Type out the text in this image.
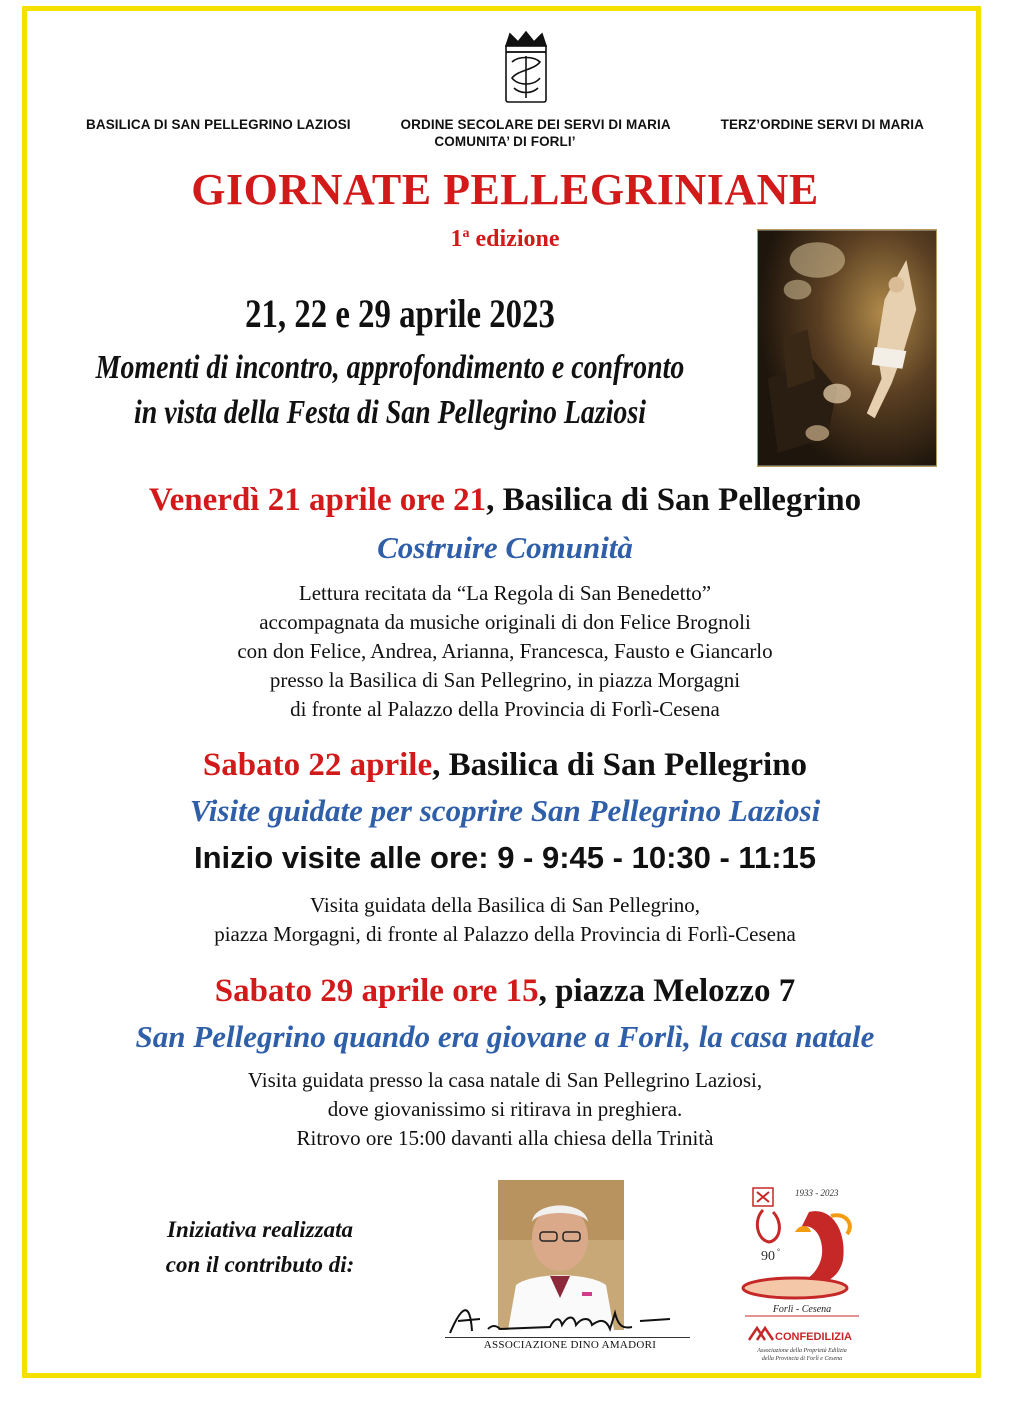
BASILICA DI SAN PELLEGRINO LAZIOSI	ORDINE SECOLARE DEI SERVI DI MARIA	TERZ’ORDINE SERVI DI MARIA
COMUNITA’ DI FORLI’
GIORNATE PELLEGRINIANE
1$^a$ edizione
21, 22 e 29 aprile 2023
Momenti di incontro, approfondimento e confronto
in vista della Festa di San Pellegrino Laziosi
Venerdì 21 aprile ore 21, Basilica di San Pellegrino
Costruire Comunità
Lettura recitata da “La Regola di San Benedetto”
accompagnata da musiche originali di don Felice Brognoli
con don Felice, Andrea, Arianna, Francesca, Fausto e Giancarlo
presso la Basilica di San Pellegrino, in piazza Morgagni
di fronte al Palazzo della Provincia di Forlì-Cesena
Sabato 22 aprile, Basilica di San Pellegrino
Visite guidate per scoprire San Pellegrino Laziosi
Inizio visite alle ore: 9 - 9:45 - 10:30 - 11:15
Visita guidata della Basilica di San Pellegrino,
piazza Morgagni, di fronte al Palazzo della Provincia di Forlì-Cesena
Sabato 29 aprile ore 15, piazza Melozzo 7
San Pellegrino quando era giovane a Forlì, la casa natale
Visita guidata presso la casa natale di San Pellegrino Laziosi,
dove giovanissimo si ritirava in preghiera.
Ritrovo ore 15:00 davanti alla chiesa della Trinità
Iniziativa realizzata
con il contributo di:
ASSOCIAZIONE DINO AMADORI
1933 - 2023
90 °
Forlì - Cesena
CONFEDILIZIA
Associazione della Proprietà Edilizia
della Provincia di Forlì e Cesena
